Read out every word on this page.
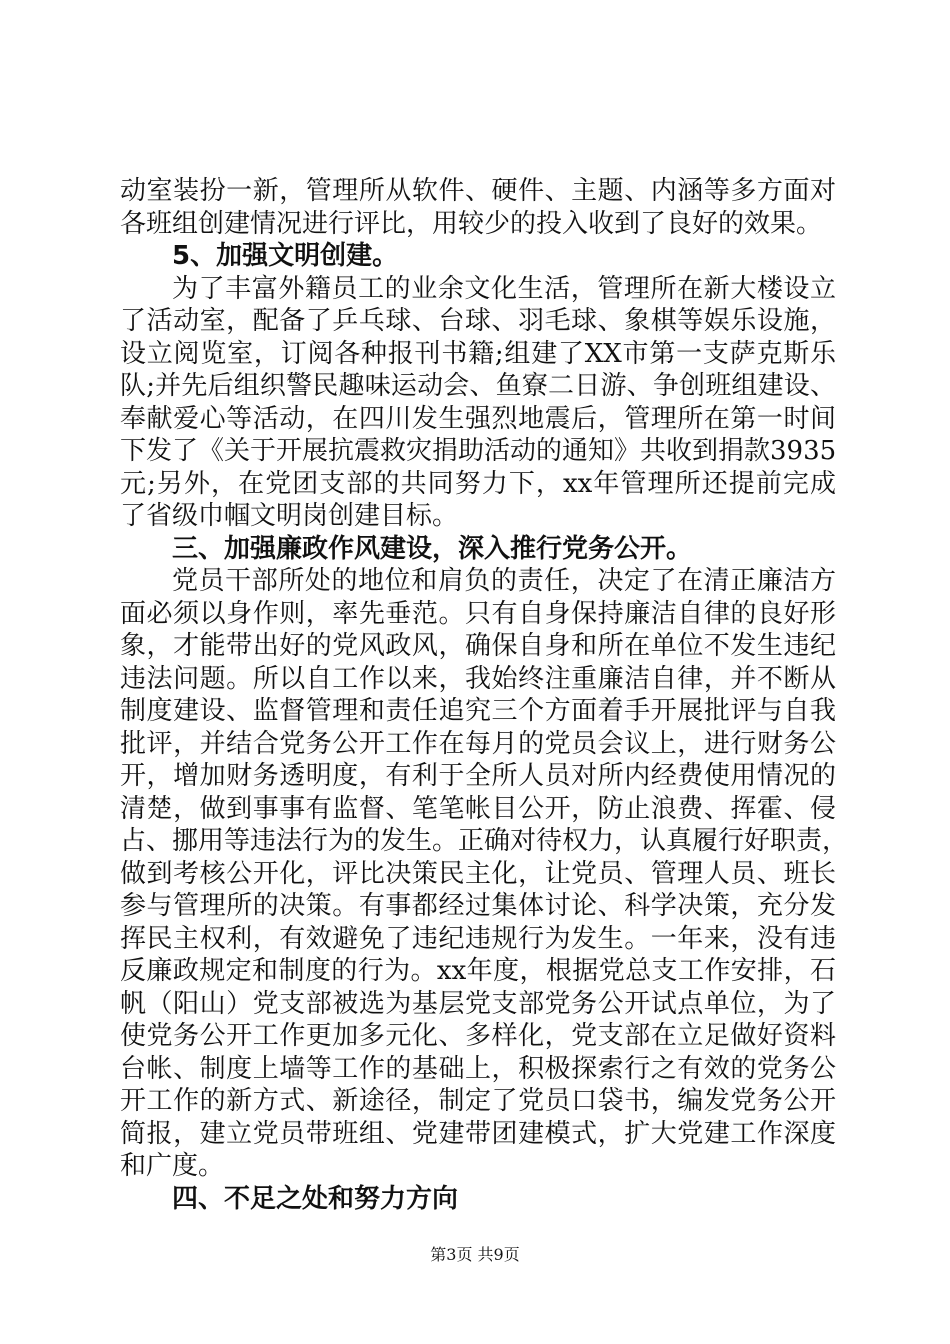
动室装扮一新，管理所从软件、硬件、主题、内涵等多方面对
各班组创建情况进行评比，用较少的投入收到了良好的效果。
5、加强文明创建。
为了丰富外籍员工的业余文化生活，管理所在新大楼设立
了活动室，配备了乒乓球、台球、羽毛球、象棋等娱乐设施，
设立阅览室，订阅各种报刊书籍;组建了XX市第一支萨克斯乐
队;并先后组织警民趣味运动会、鱼寮二日游、争创班组建设、
奉献爱心等活动，在四川发生强烈地震后，管理所在第一时间
下发了《关于开展抗震救灾捐助活动的通知》共收到捐款3935
元;另外，在党团支部的共同努力下，xx年管理所还提前完成
了省级巾帼文明岗创建目标。
三、加强廉政作风建设，深入推行党务公开。
党员干部所处的地位和肩负的责任，决定了在清正廉洁方
面必须以身作则，率先垂范。只有自身保持廉洁自律的良好形
象，才能带出好的党风政风，确保自身和所在单位不发生违纪
违法问题。所以自工作以来，我始终注重廉洁自律，并不断从
制度建设、监督管理和责任追究三个方面着手开展批评与自我
批评，并结合党务公开工作在每月的党员会议上，进行财务公
开，增加财务透明度，有利于全所人员对所内经费使用情况的
清楚，做到事事有监督、笔笔帐目公开，防止浪费、挥霍、侵
占、挪用等违法行为的发生。正确对待权力，认真履行好职责，
做到考核公开化，评比决策民主化，让党员、管理人员、班长
参与管理所的决策。有事都经过集体讨论、科学决策，充分发
挥民主权利，有效避免了违纪违规行为发生。一年来，没有违
反廉政规定和制度的行为。xx年度，根据党总支工作安排，石
帆（阳山）党支部被选为基层党支部党务公开试点单位，为了
使党务公开工作更加多元化、多样化，党支部在立足做好资料
台帐、制度上墙等工作的基础上，积极探索行之有效的党务公
开工作的新方式、新途径，制定了党员口袋书，编发党务公开
简报，建立党员带班组、党建带团建模式，扩大党建工作深度
和广度。
四、不足之处和努力方向
第3页 共9页
